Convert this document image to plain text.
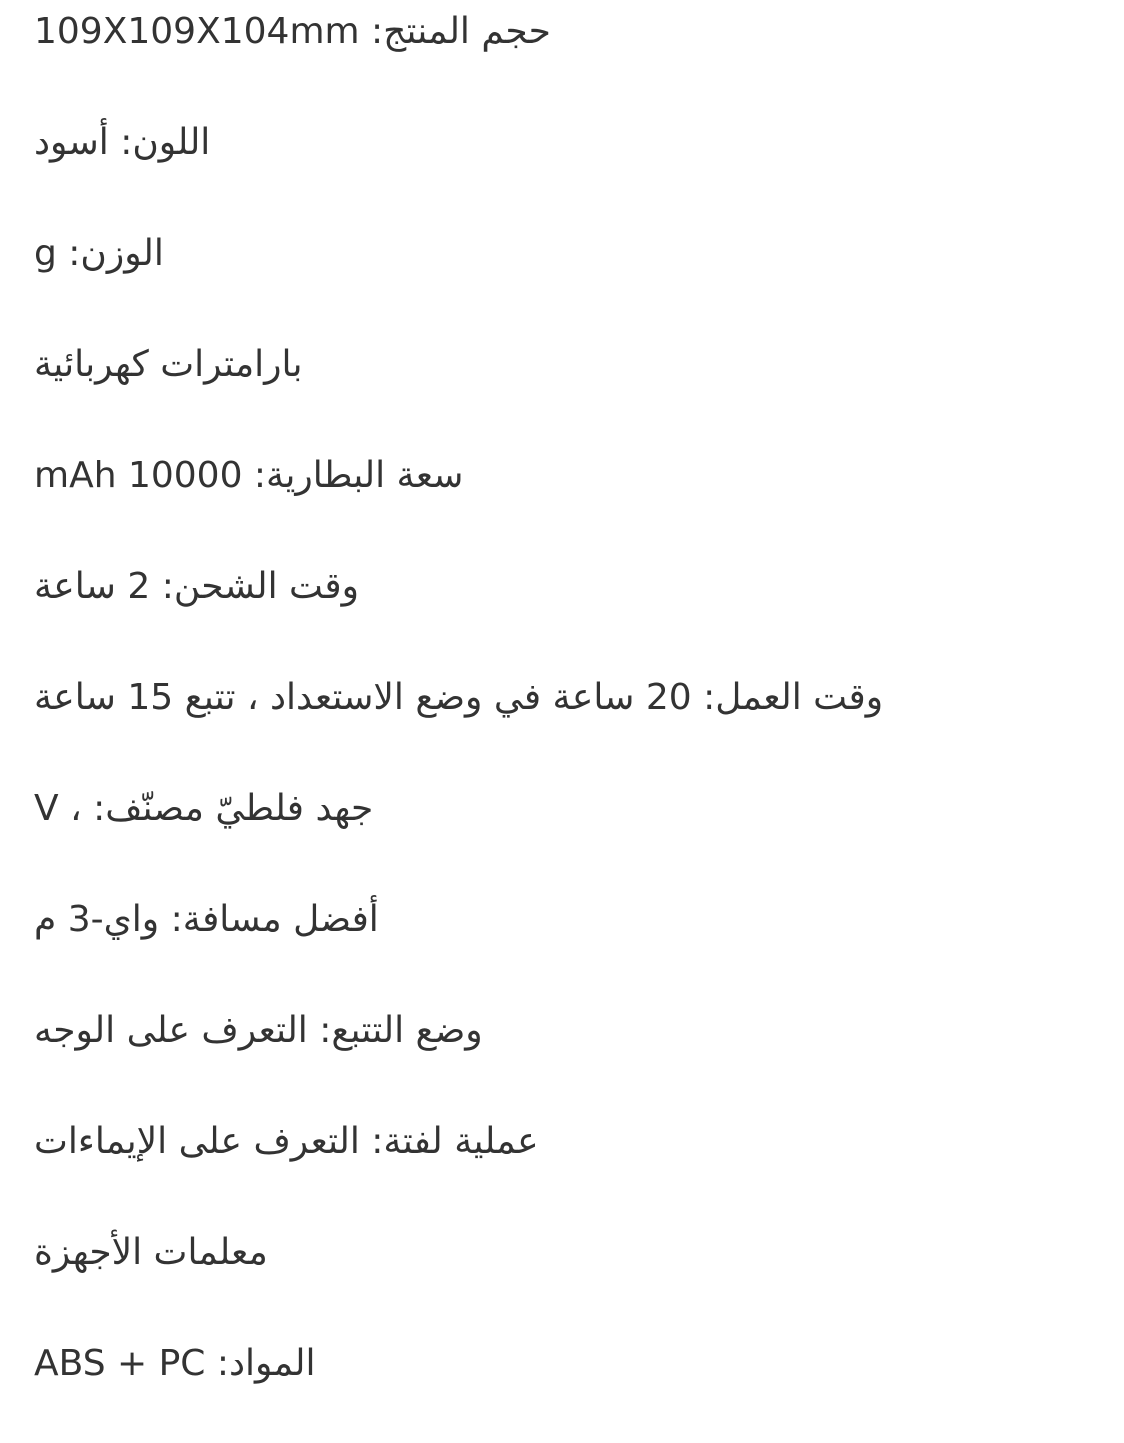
حجم المنتج: 109X109X104mm
اللون: أسود
الوزن: g
بارامترات كهربائية
سعة البطارية: mAh 10000
وقت الشحن: 2 ساعة
وقت العمل: 20 ساعة في وضع الاستعداد ، تتبع 15 ساعة
جهد فلطيّ مصنّف: ، V
أفضل مسافة: واي-3 م
وضع التتبع: التعرف على الوجه
عملية لفتة: التعرف على الإيماءات
معلمات الأجهزة
المواد: ABS + PC
